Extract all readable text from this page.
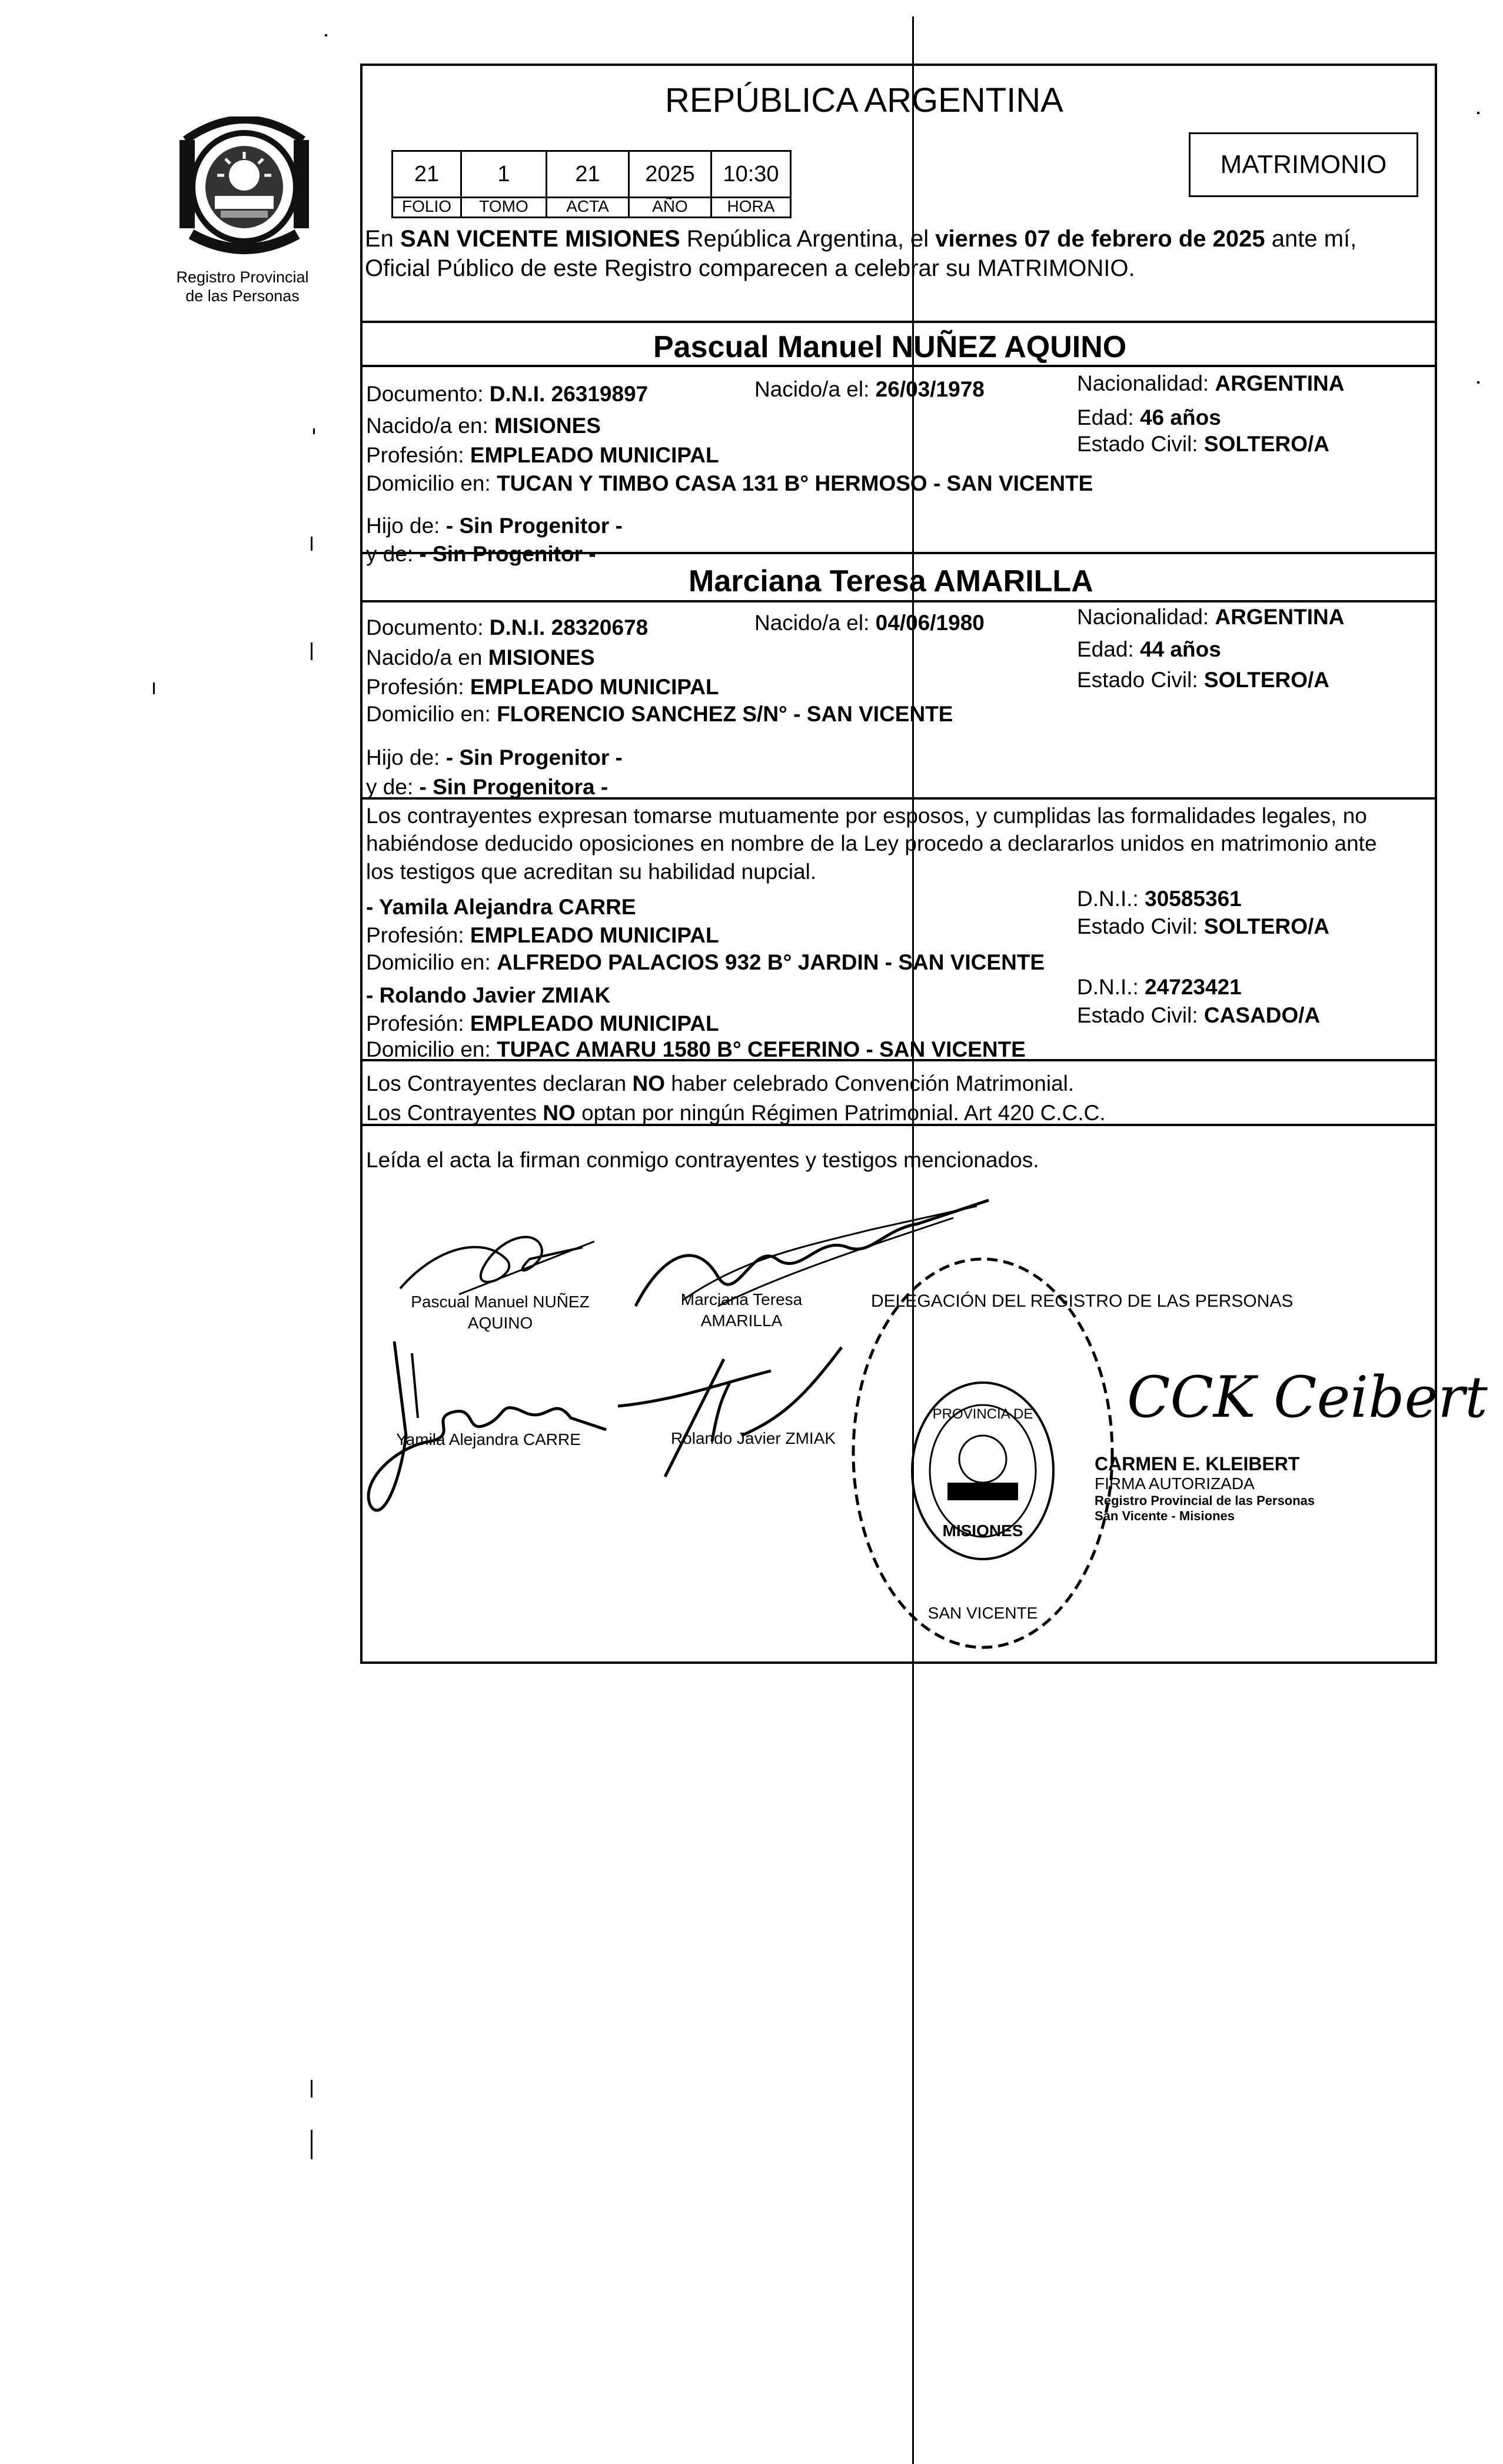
Registro Provincial
de las Personas
REPÚBLICA ARGENTINA
21
FOLIO
1
TOMO
21
ACTA
2025
AÑO
10:30
HORA
MATRIMONIO
En SAN VICENTE MISIONES República Argentina, el viernes 07 de febrero de 2025 ante mí,
Oficial Público de este Registro comparecen a celebrar su MATRIMONIO.
Pascual Manuel NUÑEZ AQUINO
Documento: D.N.I. 26319897	Nacido/a el: 26/03/1978	Nacionalidad: ARGENTINA
Nacido/a en: MISIONES	Edad: 46 años
Profesión: EMPLEADO MUNICIPAL	Estado Civil: SOLTERO/A
Domicilio en: TUCAN Y TIMBO CASA 131 B° HERMOSO - SAN VICENTE
Hijo de: - Sin Progenitor -
y de: - Sin Progenitor -
Marciana Teresa AMARILLA
Documento: D.N.I. 28320678	Nacido/a el: 04/06/1980	Nacionalidad: ARGENTINA
Nacido/a en MISIONES	Edad: 44 años
Profesión: EMPLEADO MUNICIPAL	Estado Civil: SOLTERO/A
Domicilio en: FLORENCIO SANCHEZ S/N° - SAN VICENTE
Hijo de: - Sin Progenitor -
y de: - Sin Progenitora -
Los contrayentes expresan tomarse mutuamente por esposos, y cumplidas las formalidades legales, no
habiéndose deducido oposiciones en nombre de la Ley procedo a declararlos unidos en matrimonio ante
los testigos que acreditan su habilidad nupcial.
- Yamila Alejandra CARRE	D.N.I.: 30585361
Profesión: EMPLEADO MUNICIPAL	Estado Civil: SOLTERO/A
Domicilio en: ALFREDO PALACIOS 932 B° JARDIN - SAN VICENTE
- Rolando Javier ZMIAK	D.N.I.: 24723421
Profesión: EMPLEADO MUNICIPAL	Estado Civil: CASADO/A
Domicilio en: TUPAC AMARU 1580 B° CEFERINO - SAN VICENTE
Los Contrayentes declaran NO haber celebrado Convención Matrimonial.
Los Contrayentes NO optan por ningún Régimen Patrimonial. Art 420 C.C.C.
Leída el acta la firman conmigo contrayentes y testigos mencionados.
Pascual Manuel NUÑEZ
AQUINO
Marciana Teresa
AMARILLA
Yamila Alejandra CARRE	Rolando Javier ZMIAK
DELEGACIÓN DEL REGISTRO DE LAS PERSONAS
PROVINCIA DE
MISIONES
SAN VICENTE
CCK Ceibert
CARMEN E. KLEIBERT
FIRMA AUTORIZADA
Registro Provincial de las Personas
San Vicente - Misiones
